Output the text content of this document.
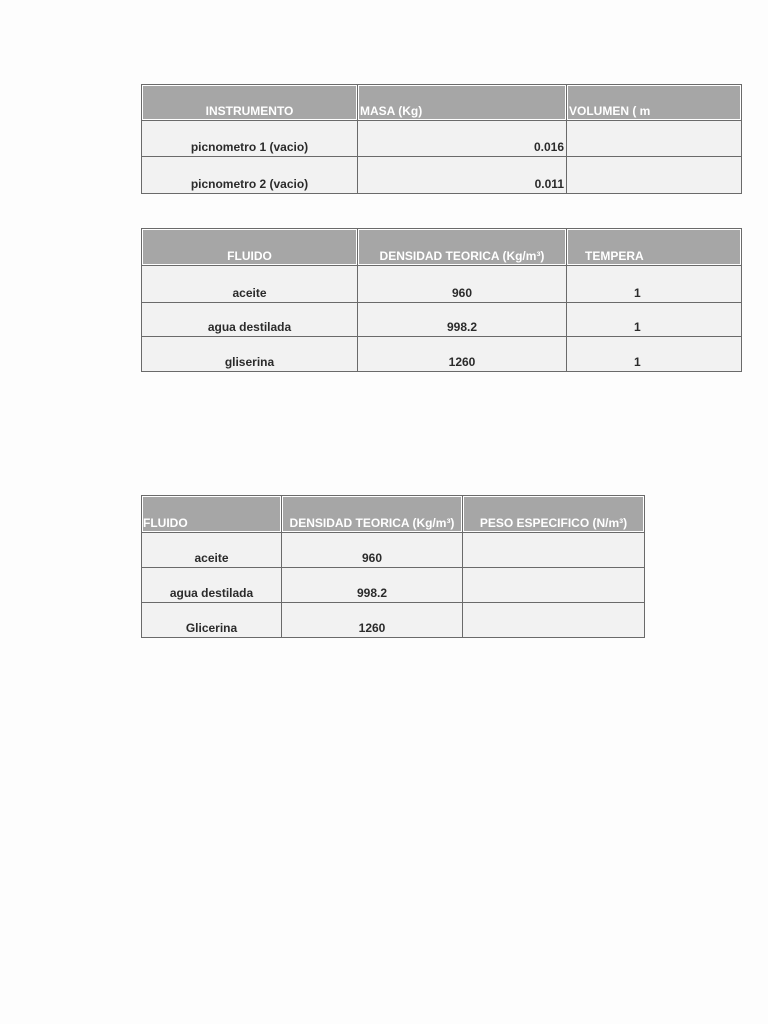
INSTRUMENTO	MASA (Kg)	VOLUMEN ( m
picnometro 1 (vacio)	0.016	
picnometro 2 (vacio)	0.011	
FLUIDO	DENSIDAD TEORICA (Kg/m³)	TEMPERA
aceite	960	1
agua destilada	998.2	1
gliserina	1260	1
FLUIDO	DENSIDAD TEORICA (Kg/m³)	PESO ESPECIFICO (N/m³)
aceite	960	
agua destilada	998.2	
Glicerina	1260	
